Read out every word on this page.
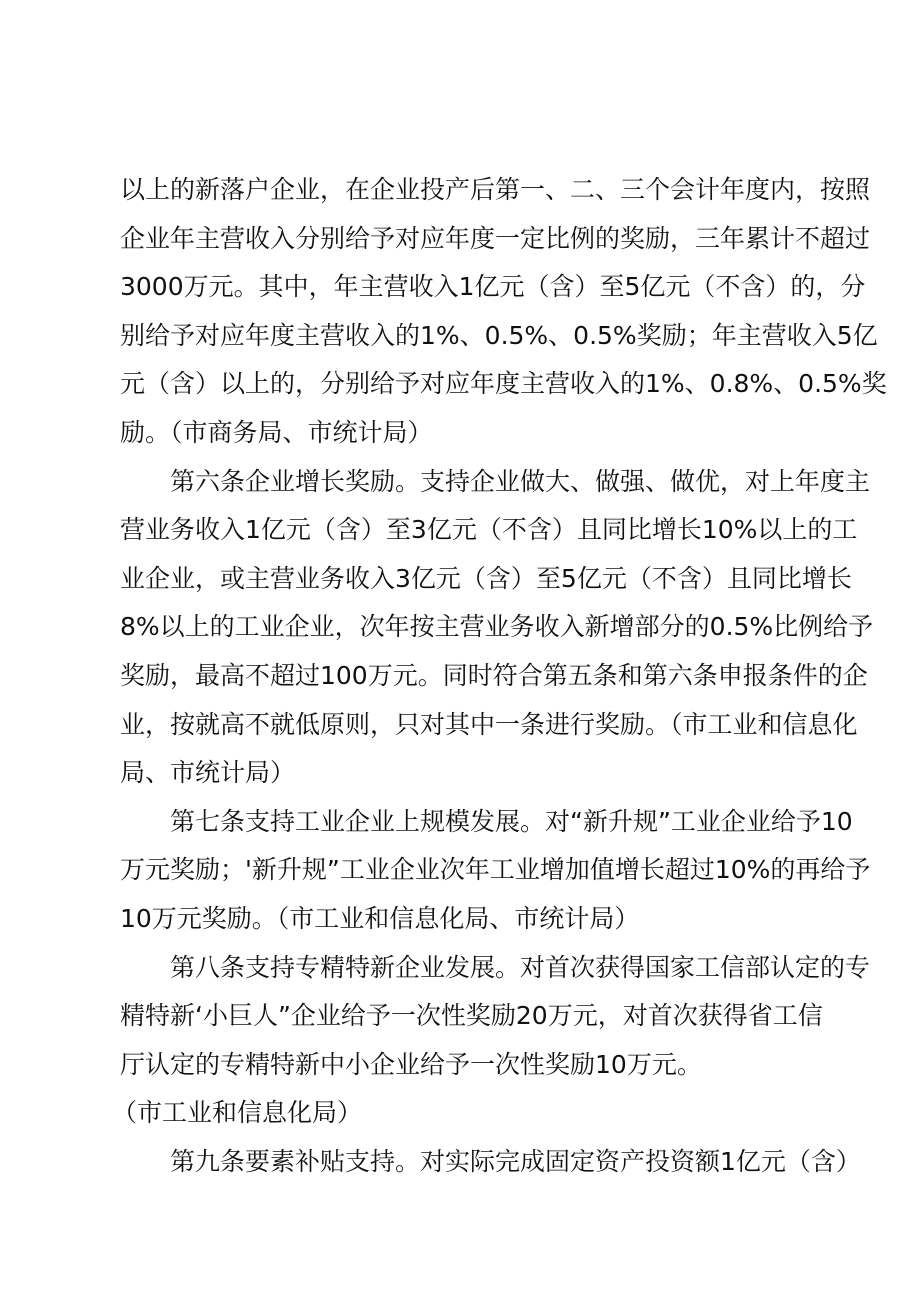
以上的新落户企业，在企业投产后第一、二、三个会计年度内，按照
企业年主营收入分别给予对应年度一定比例的奖励，三年累计不超过
3000万元。其中，年主营收入1亿元（含）至5亿元（不含）的，分
别给予对应年度主营收入的1%、0.5%、0.5%奖励；年主营收入5亿
元（含）以上的，分别给予对应年度主营收入的1%、0.8%、0.5%奖
励。（市商务局、市统计局）
第六条企业增长奖励。支持企业做大、做强、做优，对上年度主
营业务收入1亿元（含）至3亿元（不含）且同比增长10%以上的工
业企业，或主营业务收入3亿元（含）至5亿元（不含）且同比增长
8%以上的工业企业，次年按主营业务收入新增部分的0.5%比例给予
奖励，最高不超过100万元。同时符合第五条和第六条申报条件的企
业，按就高不就低原则，只对其中一条进行奖励。（市工业和信息化
局、市统计局）
第七条支持工业企业上规模发展。对“新升规”工业企业给予10
万元奖励；'新升规”工业企业次年工业增加值增长超过10%的再给予
10万元奖励。（市工业和信息化局、市统计局）
第八条支持专精特新企业发展。对首次获得国家工信部认定的专
精特新‘小巨人”企业给予一次性奖励20万元，对首次获得省工信
厅认定的专精特新中小企业给予一次性奖励10万元。
（市工业和信息化局）
第九条要素补贴支持。对实际完成固定资产投资额1亿元（含）
